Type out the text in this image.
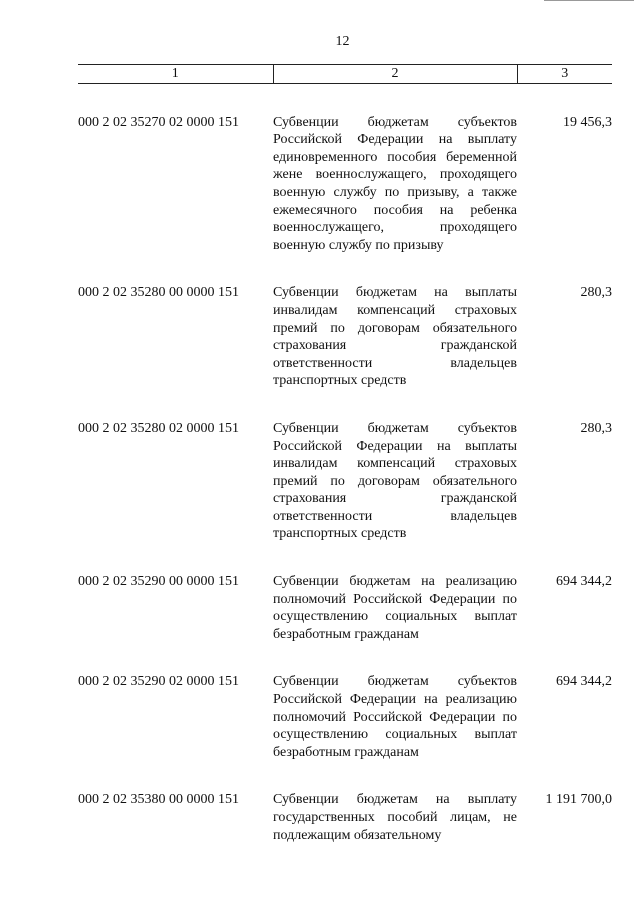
12
1	2	3

000 2 02 35270 02 0000 151	Субвенции бюджетам субъектов Российской Федерации на выплату единовременного пособия беременной жене военнослужащего, проходящего военную службу по призыву, а также ежемесячного пособия на ребенка военнослужащего, проходящего военную службу по призыву	19 456,3

000 2 02 35280 00 0000 151	Субвенции бюджетам на выплаты инвалидам компенсаций страховых премий по договорам обязательного страхования гражданской ответственности владельцев транспортных средств	280,3

000 2 02 35280 02 0000 151	Субвенции бюджетам субъектов Российской Федерации на выплаты инвалидам компенсаций страховых премий по договорам обязательного страхования гражданской ответственности владельцев транспортных средств	280,3

000 2 02 35290 00 0000 151	Субвенции бюджетам на реализацию полномочий Российской Федерации по осуществлению социальных выплат безработным гражданам	694 344,2

000 2 02 35290 02 0000 151	Субвенции бюджетам субъектов Российской Федерации на реализацию полномочий Российской Федерации по осуществлению социальных выплат безработным гражданам	694 344,2

000 2 02 35380 00 0000 151	Субвенции бюджетам на выплату государственных пособий лицам, не подлежащим обязательному	1 191 700,0
